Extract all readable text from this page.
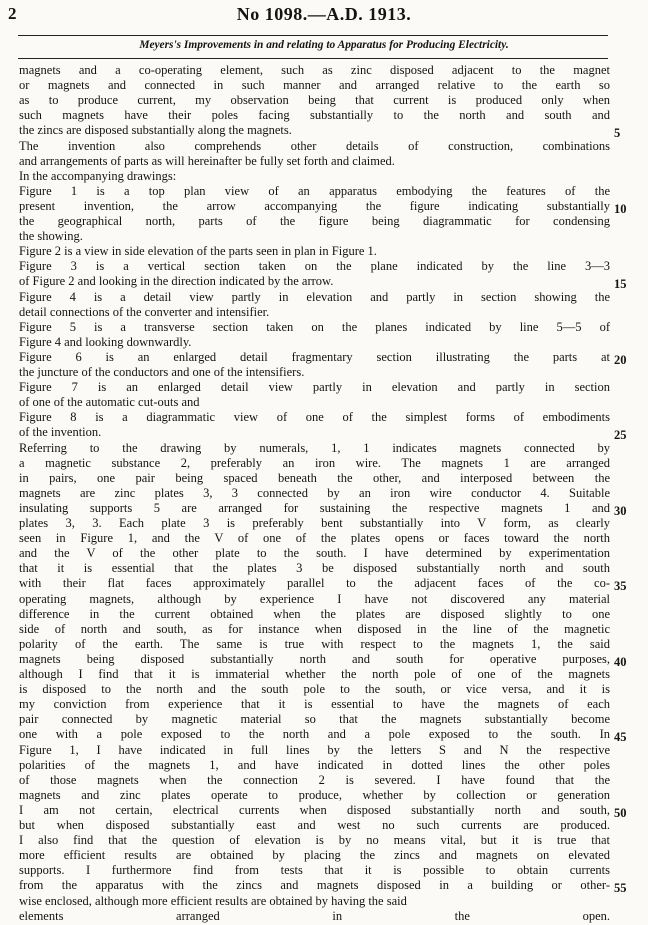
2	No 1098.—A.D. 1913.
Meyers's Improvements in and relating to Apparatus for Producing Electricity.
magnets and a co-operating element, such as zinc disposed adjacent to the magnet
or magnets and connected in such manner and arranged relative to the earth so
as to produce current, my observation being that current is produced only when
such magnets have their poles facing substantially to the north and south and
the zincs are disposed substantially along the magnets.
The invention also comprehends other details of construction, combinations
and arrangements of parts as will hereinafter be fully set forth and claimed.
In the accompanying drawings:
Figure 1 is a top plan view of an apparatus embodying the features of the
present invention, the arrow accompanying the figure indicating substantially
the geographical north, parts of the figure being diagrammatic for condensing
the showing.
Figure 2 is a view in side elevation of the parts seen in plan in Figure 1.
Figure 3 is a vertical section taken on the plane indicated by the line 3—3
of Figure 2 and looking in the direction indicated by the arrow.
Figure 4 is a detail view partly in elevation and partly in section showing the
detail connections of the converter and intensifier.
Figure 5 is a transverse section taken on the planes indicated by line 5—5 of
Figure 4 and looking downwardly.
Figure 6 is an enlarged detail fragmentary section illustrating the parts at
the juncture of the conductors and one of the intensifiers.
Figure 7 is an enlarged detail view partly in elevation and partly in section
of one of the automatic cut-outs and
Figure 8 is a diagrammatic view of one of the simplest forms of embodiments
of the invention.
Referring to the drawing by numerals, 1, 1 indicates magnets connected by
a magnetic substance 2, preferably an iron wire. The magnets 1 are arranged
in pairs, one pair being spaced beneath the other, and interposed between the
magnets are zinc plates 3, 3 connected by an iron wire conductor 4. Suitable
insulating supports 5 are arranged for sustaining the respective magnets 1 and
plates 3, 3. Each plate 3 is preferably bent substantially into V form, as clearly
seen in Figure 1, and the V of one of the plates opens or faces toward the north
and the V of the other plate to the south. I have determined by experimentation
that it is essential that the plates 3 be disposed substantially north and south
with their flat faces approximately parallel to the adjacent faces of the co-
operating magnets, although by experience I have not discovered any material
difference in the current obtained when the plates are disposed slightly to one
side of north and south, as for instance when disposed in the line of the magnetic
polarity of the earth. The same is true with respect to the magnets 1, the said
magnets being disposed substantially north and south for operative purposes,
although I find that it is immaterial whether the north pole of one of the magnets
is disposed to the north and the south pole to the south, or vice versa, and it is
my conviction from experience that it is essential to have the magnets of each
pair connected by magnetic material so that the magnets substantially become
one with a pole exposed to the north and a pole exposed to the south. In
Figure 1, I have indicated in full lines by the letters S and N the respective
polarities of the magnets 1, and have indicated in dotted lines the other poles
of those magnets when the connection 2 is severed. I have found that the
magnets and zinc plates operate to produce, whether by collection or generation
I am not certain, electrical currents when disposed substantially north and south,
but when disposed substantially east and west no such currents are produced.
I also find that the question of elevation is by no means vital, but it is true that
more efficient results are obtained by placing the zincs and magnets on elevated
supports. I furthermore find from tests that it is possible to obtain currents
from the apparatus with the zincs and magnets disposed in a building or other-
wise enclosed, although more efficient results are obtained by having the said
elements arranged in the open.
5
10
15
20
25
30
35
40
45
50
55
